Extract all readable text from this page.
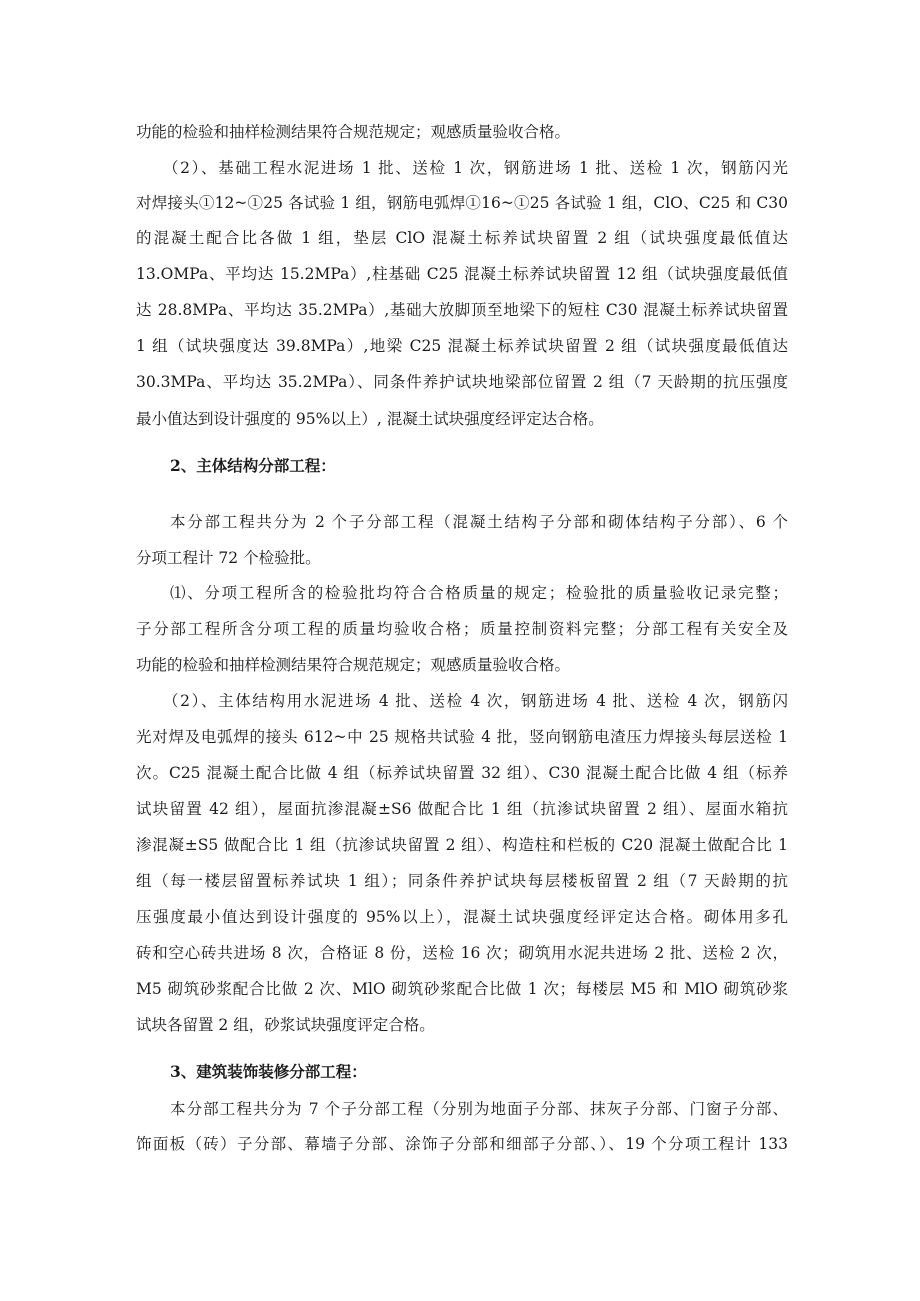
功能的检验和抽样检测结果符合规范规定；观感质量验收合格。
（2）、基础工程水泥进场 1 批、送检 1 次，钢筋进场 1 批、送检 1 次，钢筋闪光
对焊接头①12~①25 各试验 1 组，钢筋电弧焊①16~①25 各试验 1 组，ClO、C25 和 C30
的混凝土配合比各做 1 组，垫层 ClO 混凝土标养试块留置 2 组（试块强度最低值达
13.OMPa、平均达 15.2MPa）,柱基础 C25 混凝土标养试块留置 12 组（试块强度最低值
达 28.8MPa、平均达 35.2MPa）,基础大放脚顶至地梁下的短柱 C30 混凝土标养试块留置
1 组（试块强度达 39.8MPa）,地梁 C25 混凝土标养试块留置 2 组（试块强度最低值达
30.3MPa、平均达 35.2MPa）、同条件养护试块地梁部位留置 2 组（7 天龄期的抗压强度
最小值达到设计强度的 95%以上）, 混凝土试块强度经评定达合格。
2、主体结构分部工程：
本分部工程共分为 2 个子分部工程（混凝土结构子分部和砌体结构子分部）、6 个
分项工程计 72 个检验批。
⑴、分项工程所含的检验批均符合合格质量的规定；检验批的质量验收记录完整；
子分部工程所含分项工程的质量均验收合格；质量控制资料完整；分部工程有关安全及
功能的检验和抽样检测结果符合规范规定；观感质量验收合格。
（2）、主体结构用水泥进场 4 批、送检 4 次，钢筋进场 4 批、送检 4 次，钢筋闪
光对焊及电弧焊的接头 612~中 25 规格共试验 4 批，竖向钢筋电渣压力焊接头每层送检 1
次。C25 混凝土配合比做 4 组（标养试块留置 32 组）、C30 混凝土配合比做 4 组（标养
试块留置 42 组），屋面抗渗混凝±S6 做配合比 1 组（抗渗试块留置 2 组）、屋面水箱抗
渗混凝±S5 做配合比 1 组（抗渗试块留置 2 组）、构造柱和栏板的 C20 混凝土做配合比 1
组（每一楼层留置标养试块 1 组）；同条件养护试块每层楼板留置 2 组（7 天龄期的抗
压强度最小值达到设计强度的 95%以上），混凝土试块强度经评定达合格。砌体用多孔
砖和空心砖共进场 8 次，合格证 8 份，送检 16 次；砌筑用水泥共进场 2 批、送检 2 次，
M5 砌筑砂浆配合比做 2 次、MlO 砌筑砂浆配合比做 1 次；每楼层 M5 和 MlO 砌筑砂浆
试块各留置 2 组，砂浆试块强度评定合格。
3、建筑装饰装修分部工程：
本分部工程共分为 7 个子分部工程（分别为地面子分部、抹灰子分部、门窗子分部、
饰面板（砖）子分部、幕墙子分部、涂饰子分部和细部子分部、）、19 个分项工程计 133
